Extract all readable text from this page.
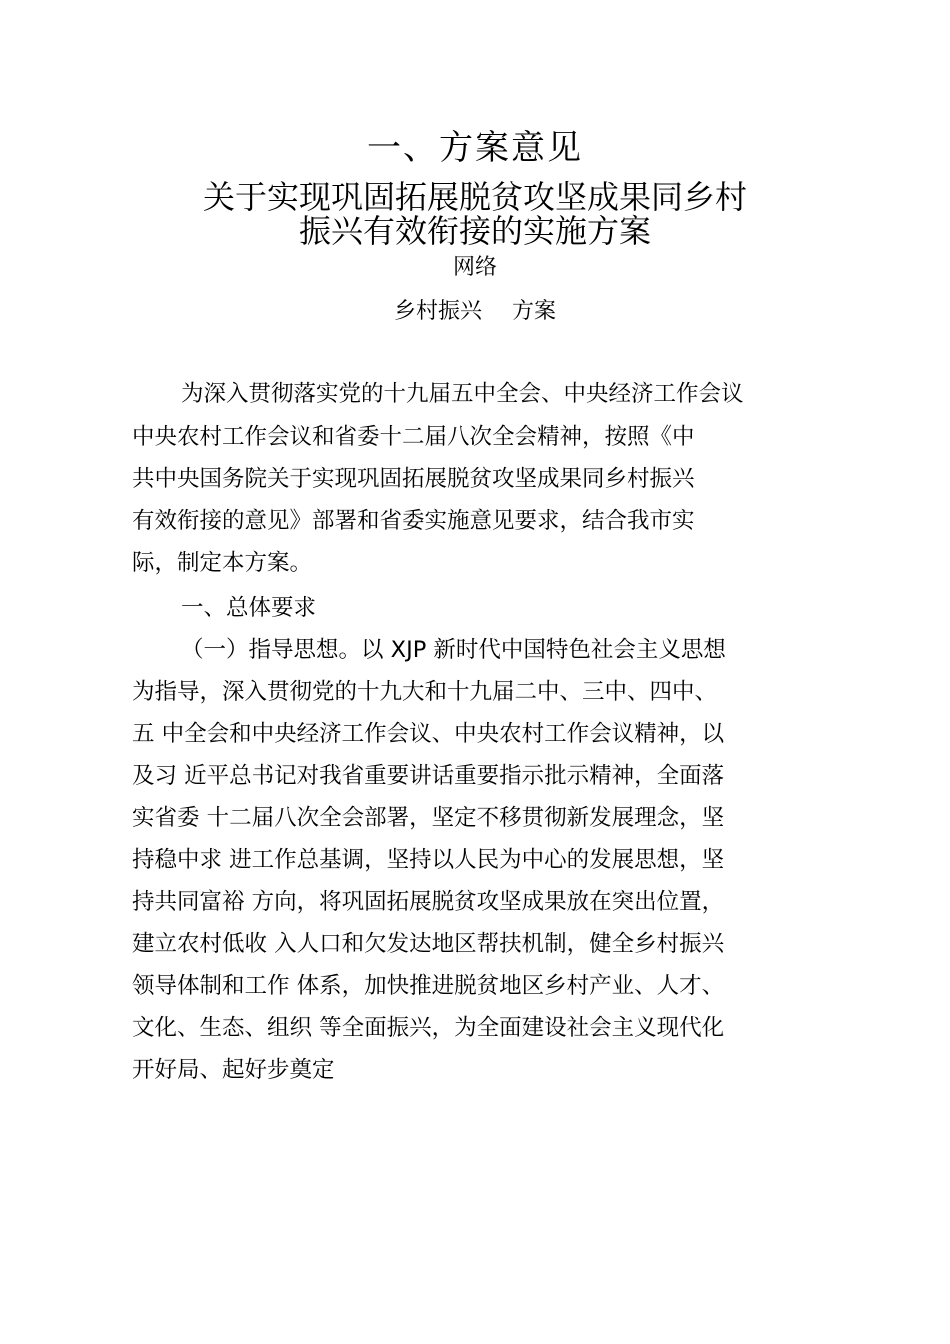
一、方案意见
关于实现巩固拓展脱贫攻坚成果同乡村
振兴有效衔接的实施方案
网络
乡村振兴 方案
为深入贯彻落实党的十九届五中全会、中央经济工作会议
中央农村工作会议和省委十二届八次全会精神，按照《中
共中央国务院关于实现巩固拓展脱贫攻坚成果同乡村振兴
有效衔接的意见》部署和省委实施意见要求，结合我市实
际，制定本方案。
一、总体要求
（一）指导思想。以 XJP 新时代中国特色社会主义思想
为指导，深入贯彻党的十九大和十九届二中、三中、四中、
五 中全会和中央经济工作会议、中央农村工作会议精神，以
及习 近平总书记对我省重要讲话重要指示批示精神，全面落
实省委 十二届八次全会部署，坚定不移贯彻新发展理念，坚
持稳中求 进工作总基调，坚持以人民为中心的发展思想，坚
持共同富裕 方向，将巩固拓展脱贫攻坚成果放在突出位置，
建立农村低收 入人口和欠发达地区帮扶机制，健全乡村振兴
领导体制和工作 体系，加快推进脱贫地区乡村产业、人才、
文化、生态、组织 等全面振兴，为全面建设社会主义现代化
开好局、起好步奠定
